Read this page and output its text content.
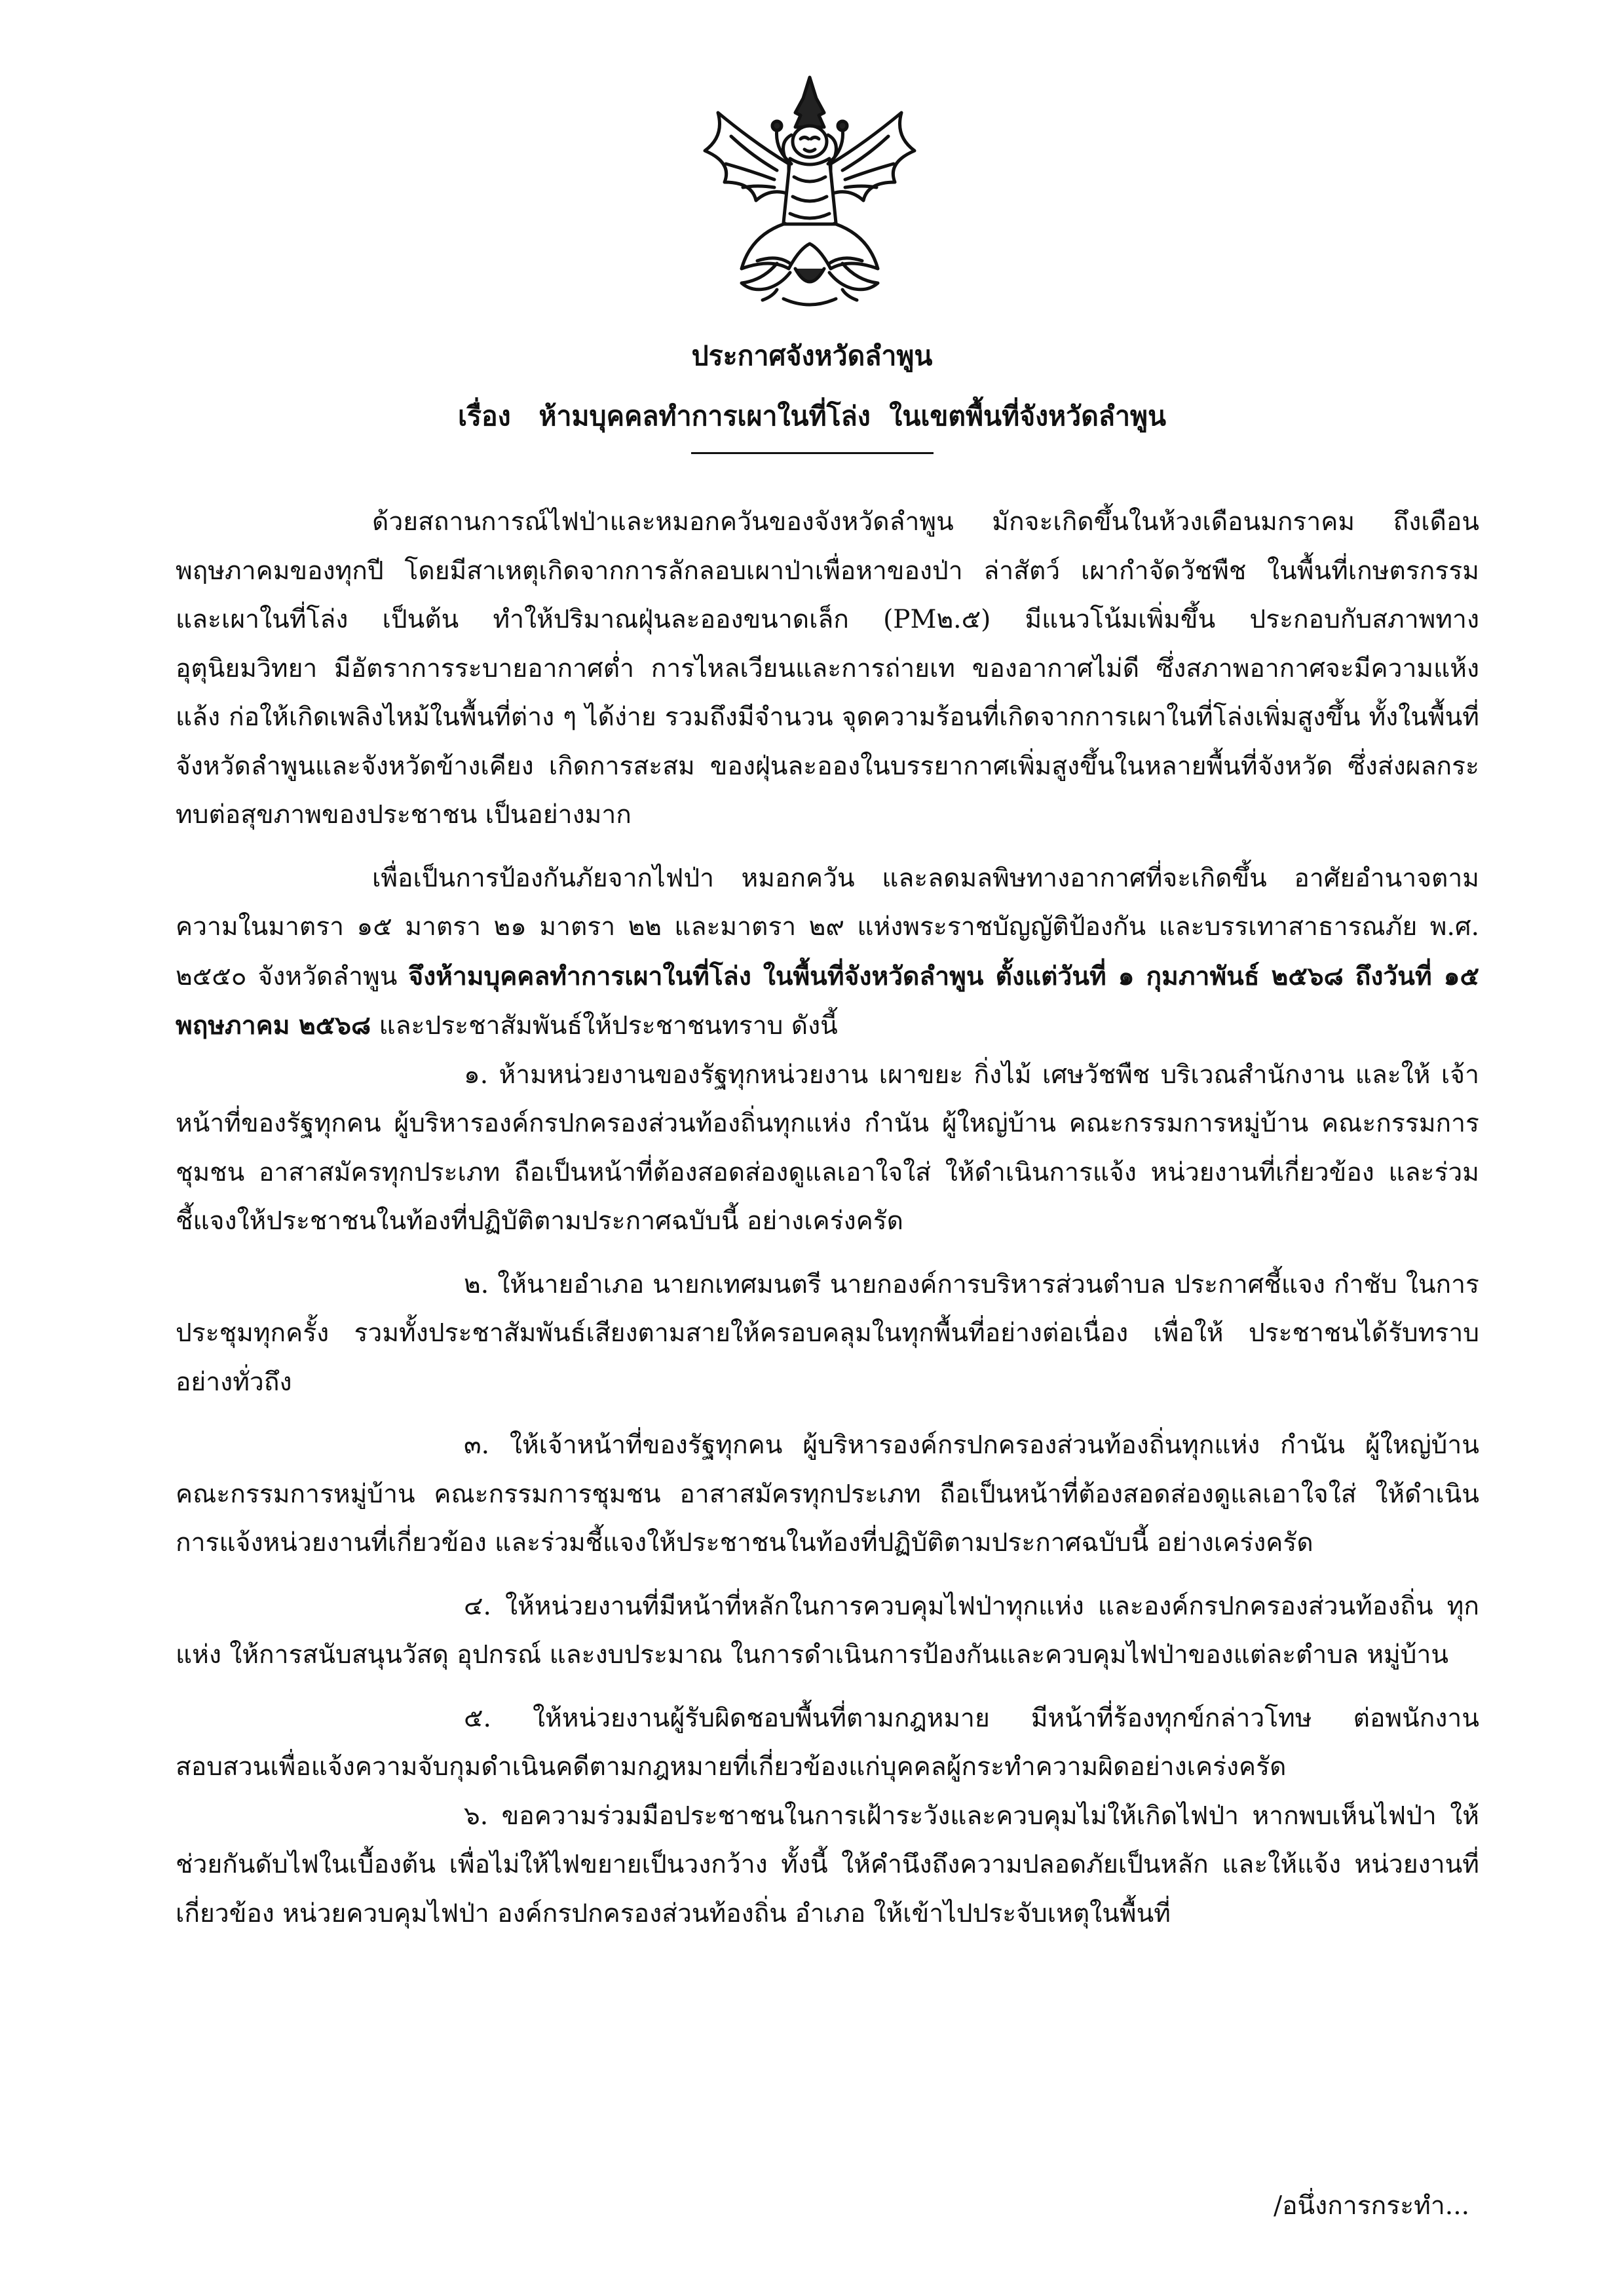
ประกาศจังหวัดลำพูน
เรื่อง   ห้ามบุคคลทำการเผาในที่โล่ง  ในเขตพื้นที่จังหวัดลำพูน

ด้วยสถานการณ์ไฟป่าและหมอกควันของจังหวัดลำพูน มักจะเกิดขึ้นในห้วงเดือนมกราคม ถึงเดือนพฤษภาคมของทุกปี โดยมีสาเหตุเกิดจากการลักลอบเผาป่าเพื่อหาของป่า ล่าสัตว์ เผากำจัดวัชพืช ในพื้นที่เกษตรกรรม และเผาในที่โล่ง เป็นต้น ทำให้ปริมาณฝุ่นละอองขนาดเล็ก (PM๒.๕) มีแนวโน้มเพิ่มขึ้น ประกอบกับสภาพทางอุตุนิยมวิทยา มีอัตราการระบายอากาศต่ำ การไหลเวียนและการถ่ายเท ของอากาศไม่ดี ซึ่งสภาพอากาศจะมีความแห้งแล้ง ก่อให้เกิดเพลิงไหม้ในพื้นที่ต่าง ๆ ได้ง่าย รวมถึงมีจำนวน จุดความร้อนที่เกิดจากการเผาในที่โล่งเพิ่มสูงขึ้น ทั้งในพื้นที่จังหวัดลำพูนและจังหวัดข้างเคียง เกิดการสะสม ของฝุ่นละอองในบรรยากาศเพิ่มสูงขึ้นในหลายพื้นที่จังหวัด ซึ่งส่งผลกระทบต่อสุขภาพของประชาชน เป็นอย่างมาก

เพื่อเป็นการป้องกันภัยจากไฟป่า หมอกควัน และลดมลพิษทางอากาศที่จะเกิดขึ้น อาศัยอำนาจตามความในมาตรา ๑๕ มาตรา ๒๑ มาตรา ๒๒ และมาตรา ๒๙ แห่งพระราชบัญญัติป้องกัน และบรรเทาสาธารณภัย พ.ศ. ๒๕๕๐ จังหวัดลำพูน จึงห้ามบุคคลทำการเผาในที่โล่ง ในพื้นที่จังหวัดลำพูน ตั้งแต่วันที่ ๑ กุมภาพันธ์ ๒๕๖๘ ถึงวันที่ ๑๕ พฤษภาคม ๒๕๖๘ และประชาสัมพันธ์ให้ประชาชนทราบ ดังนี้

๑. ห้ามหน่วยงานของรัฐทุกหน่วยงาน เผาขยะ กิ่งไม้ เศษวัชพืช บริเวณสำนักงาน และให้ เจ้าหน้าที่ของรัฐทุกคน ผู้บริหารองค์กรปกครองส่วนท้องถิ่นทุกแห่ง กำนัน ผู้ใหญ่บ้าน คณะกรรมการหมู่บ้าน คณะกรรมการชุมชน อาสาสมัครทุกประเภท ถือเป็นหน้าที่ต้องสอดส่องดูแลเอาใจใส่ ให้ดำเนินการแจ้ง หน่วยงานที่เกี่ยวข้อง และร่วมชี้แจงให้ประชาชนในท้องที่ปฏิบัติตามประกาศฉบับนี้ อย่างเคร่งครัด

๒. ให้นายอำเภอ นายกเทศมนตรี นายกองค์การบริหารส่วนตำบล ประกาศชี้แจง กำชับ ในการประชุมทุกครั้ง รวมทั้งประชาสัมพันธ์เสียงตามสายให้ครอบคลุมในทุกพื้นที่อย่างต่อเนื่อง เพื่อให้ ประชาชนได้รับทราบอย่างทั่วถึง

๓. ให้เจ้าหน้าที่ของรัฐทุกคน ผู้บริหารองค์กรปกครองส่วนท้องถิ่นทุกแห่ง กำนัน ผู้ใหญ่บ้าน คณะกรรมการหมู่บ้าน คณะกรรมการชุมชน อาสาสมัครทุกประเภท ถือเป็นหน้าที่ต้องสอดส่องดูแลเอาใจใส่ ให้ดำเนินการแจ้งหน่วยงานที่เกี่ยวข้อง และร่วมชี้แจงให้ประชาชนในท้องที่ปฏิบัติตามประกาศฉบับนี้ อย่างเคร่งครัด

๔. ให้หน่วยงานที่มีหน้าที่หลักในการควบคุมไฟป่าทุกแห่ง และองค์กรปกครองส่วนท้องถิ่น ทุกแห่ง ให้การสนับสนุนวัสดุ อุปกรณ์ และงบประมาณ ในการดำเนินการป้องกันและควบคุมไฟป่าของแต่ละตำบล หมู่บ้าน

๕. ให้หน่วยงานผู้รับผิดชอบพื้นที่ตามกฎหมาย มีหน้าที่ร้องทุกข์กล่าวโทษ ต่อพนักงาน สอบสวนเพื่อแจ้งความจับกุมดำเนินคดีตามกฎหมายที่เกี่ยวข้องแก่บุคคลผู้กระทำความผิดอย่างเคร่งครัด

๖. ขอความร่วมมือประชาชนในการเฝ้าระวังและควบคุมไม่ให้เกิดไฟป่า หากพบเห็นไฟป่า ให้ช่วยกันดับไฟในเบื้องต้น เพื่อไม่ให้ไฟขยายเป็นวงกว้าง ทั้งนี้ ให้คำนึงถึงความปลอดภัยเป็นหลัก และให้แจ้ง หน่วยงานที่เกี่ยวข้อง หน่วยควบคุมไฟป่า องค์กรปกครองส่วนท้องถิ่น อำเภอ ให้เข้าไปประจับเหตุในพื้นที่

/อนึ่งการกระทำ...
